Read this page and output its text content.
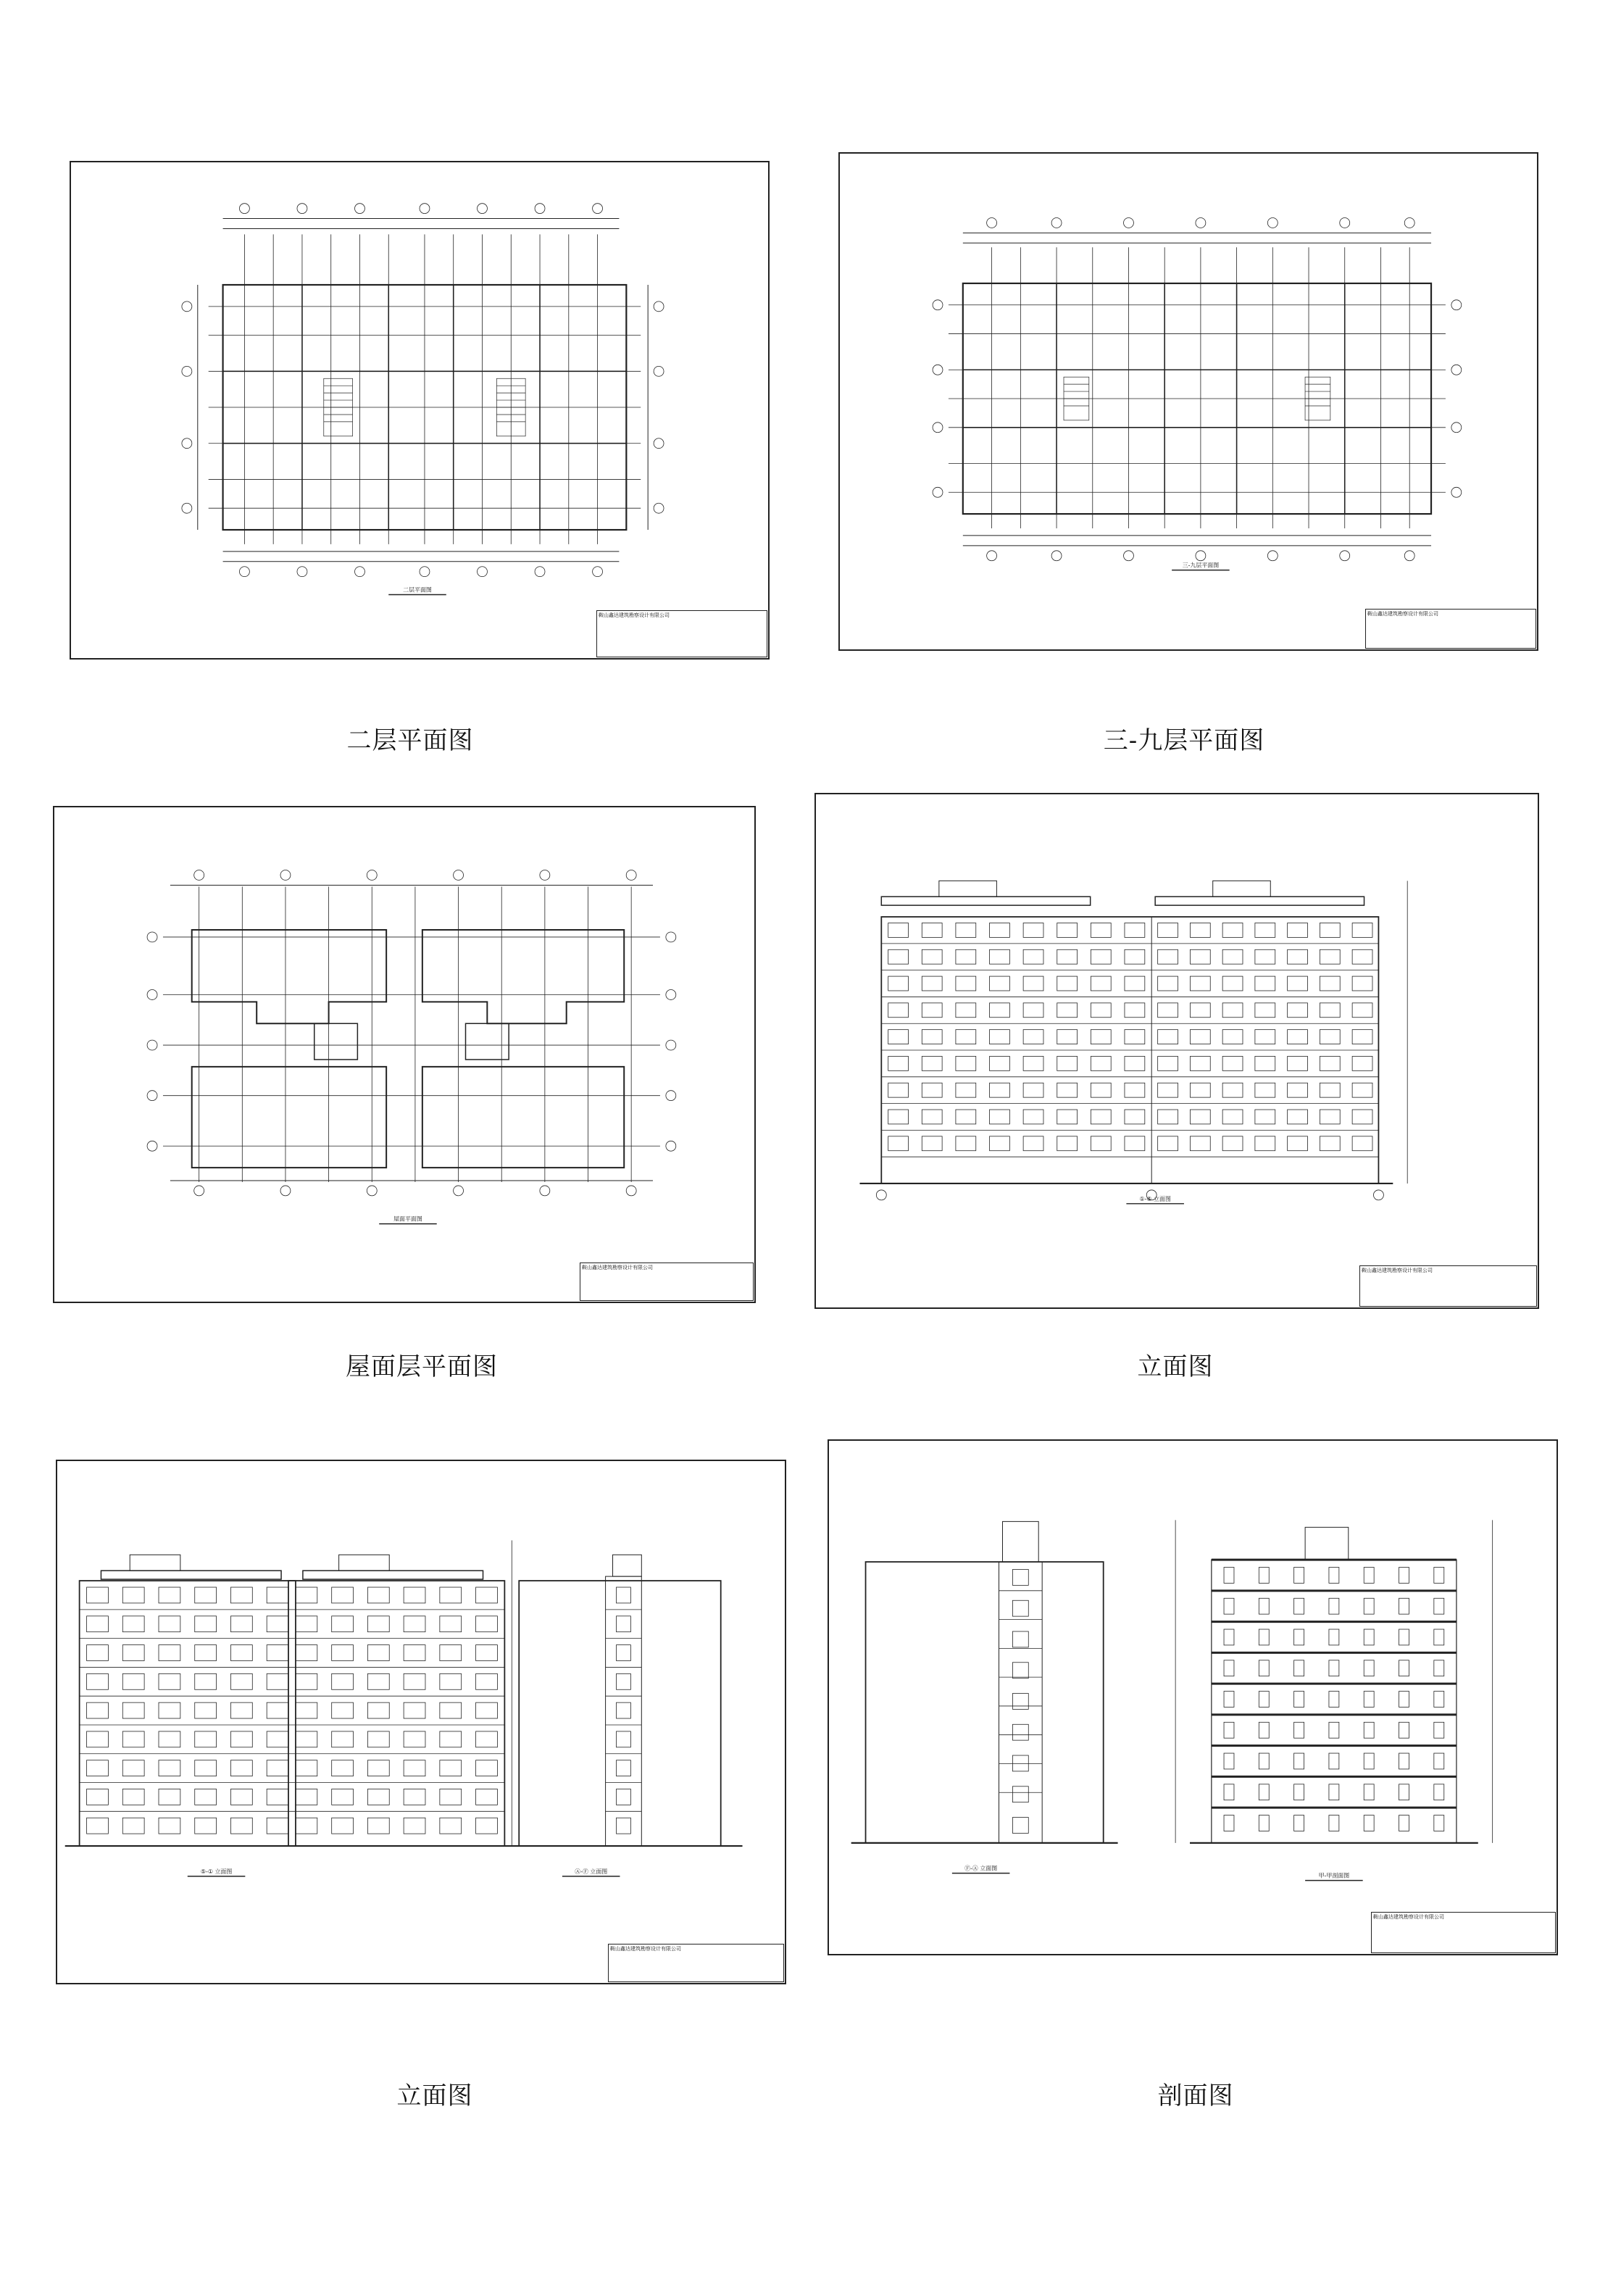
二层平面图
鞍山鑫达建筑勘察设计有限公司
二层平面图
三-九层平面图
鞍山鑫达建筑勘察设计有限公司
三-九层平面图
屋面平面图
鞍山鑫达建筑勘察设计有限公司
屋面层平面图
①-⑤ 立面图
鞍山鑫达建筑勘察设计有限公司
立面图
⑤-① 立面图	Ⓐ-Ⓕ 立面图
鞍山鑫达建筑勘察设计有限公司
立面图
Ⓕ-Ⓐ 立面图
甲-甲剖面图
鞍山鑫达建筑勘察设计有限公司
剖面图
